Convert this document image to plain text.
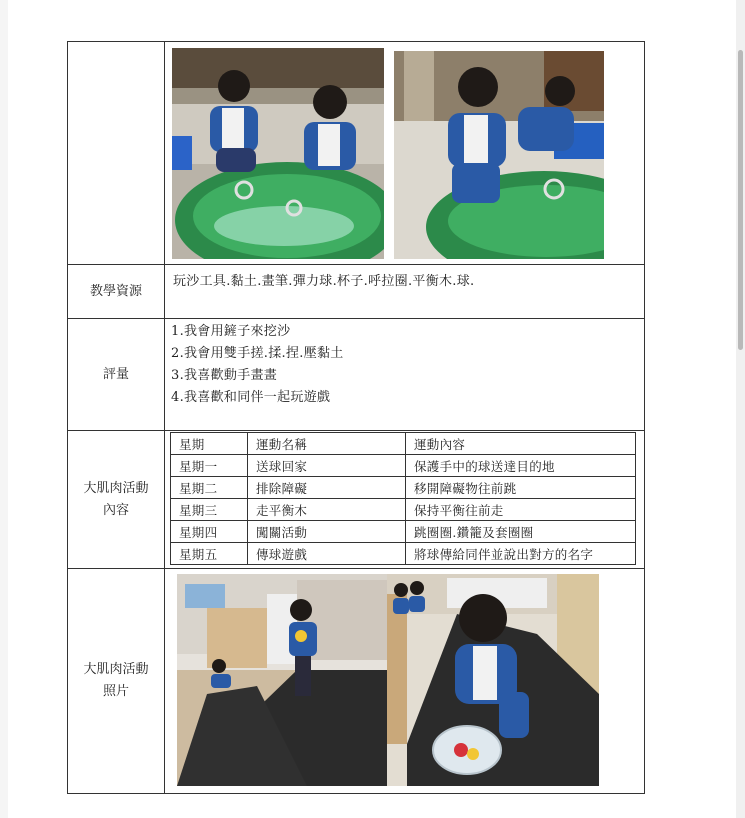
教學資源	
玩沙工具.黏土.畫筆.彈力球.杯子.呼拉圈.平衡木.球.

評量	
1.我會用鏟子來挖沙
2.我會用雙手搓.揉.捏.壓黏土
3.我喜歡動手畫畫
4.我喜歡和同伴一起玩遊戲

大肌肉活動
內容

星期	運動名稱	運動內容
星期一	送球回家	保護手中的球送達目的地
星期二	排除障礙	移開障礙物往前跳
星期三	走平衡木	保持平衡往前走
星期四	闖關活動	跳圈圈.鑽籠及套圈圈
星期五	傳球遊戲	將球傳給同伴並說出對方的名字

大肌肉活動
照片
